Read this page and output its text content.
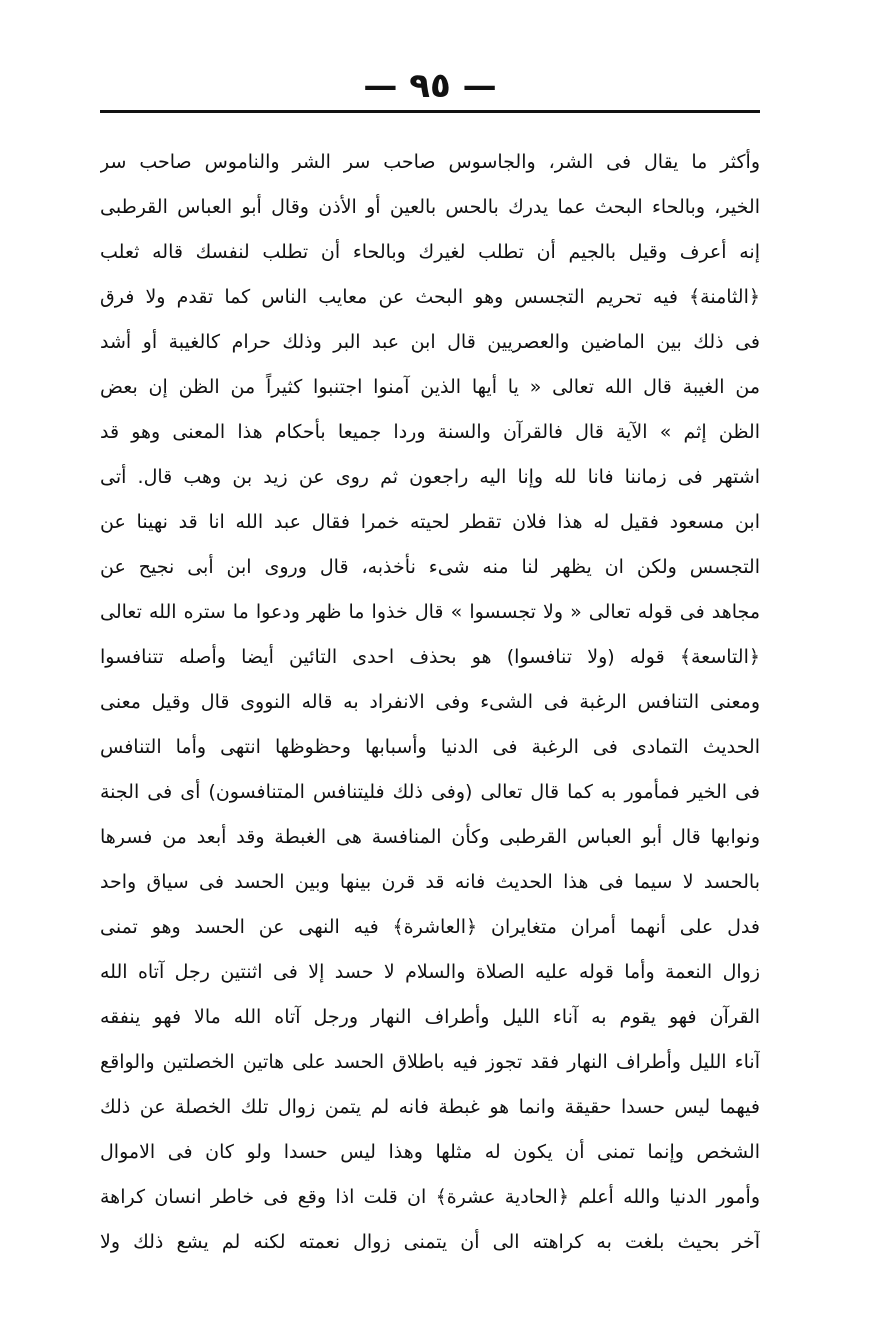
— ٩٥ —
وأكثر ما يقال فى الشر، والجاسوس صاحب سر الشر والناموس صاحب سر
الخير، وبالحاء البحث عما يدرك بالحس بالعين أو الأذن وقال أبو العباس القرطبى
إنه أعرف وقيل بالجيم أن تطلب لغيرك وبالحاء أن تطلب لنفسك قاله ثعلب
﴿الثامنة﴾ فيه تحريم التجسس وهو البحث عن معايب الناس كما تقدم ولا فرق
فى ذلك بين الماضين والعصريين قال ابن عبد البر وذلك حرام كالغيبة أو أشد
من الغيبة قال الله تعالى « يا أيها الذين آمنوا اجتنبوا كثيراً من الظن إن بعض
الظن إثم » الآية قال فالقرآن والسنة وردا جميعا بأحكام هذا المعنى وهو قد
اشتهر فى زماننا فانا لله وإنا اليه راجعون ثم روى عن زيد بن وهب قال. أتى
ابن مسعود فقيل له هذا فلان تقطر لحيته خمرا فقال عبد الله انا قد نهينا عن
التجسس ولكن ان يظهر لنا منه شىء نأخذبه، قال وروى ابن أبى نجيح عن
مجاهد فى قوله تعالى « ولا تجسسوا » قال خذوا ما ظهر ودعوا ما ستره الله تعالى
﴿التاسعة﴾ قوله (ولا تنافسوا) هو بحذف احدى التائين أيضا وأصله تتنافسوا
ومعنى التنافس الرغبة فى الشىء وفى الانفراد به قاله النووى قال وقيل معنى
الحديث التمادى فى الرغبة فى الدنيا وأسبابها وحظوظها انتهى وأما التنافس
فى الخير فمأمور به كما قال تعالى (وفى ذلك فليتنافس المتنافسون) أى فى الجنة
ونوابها قال أبو العباس القرطبى وكأن المنافسة هى الغبطة وقد أبعد من فسرها
بالحسد لا سيما فى هذا الحديث فانه قد قرن بينها وبين الحسد فى سياق واحد
فدل على أنهما أمران متغايران ﴿العاشرة﴾ فيه النهى عن الحسد وهو تمنى
زوال النعمة وأما قوله عليه الصلاة والسلام لا حسد إلا فى اثنتين رجل آتاه الله
القرآن فهو يقوم به آناء الليل وأطراف النهار ورجل آتاه الله مالا فهو ينفقه
آناء الليل وأطراف النهار فقد تجوز فيه باطلاق الحسد على هاتين الخصلتين والواقع
فيهما ليس حسدا حقيقة وانما هو غبطة فانه لم يتمن زوال تلك الخصلة عن ذلك
الشخص وإنما تمنى أن يكون له مثلها وهذا ليس حسدا ولو كان فى الاموال
وأمور الدنيا والله أعلم ﴿الحادية عشرة﴾ ان قلت اذا وقع فى خاطر انسان كراهة
آخر بحيث بلغت به كراهته الى أن يتمنى زوال نعمته لكنه لم يشع ذلك ولا
